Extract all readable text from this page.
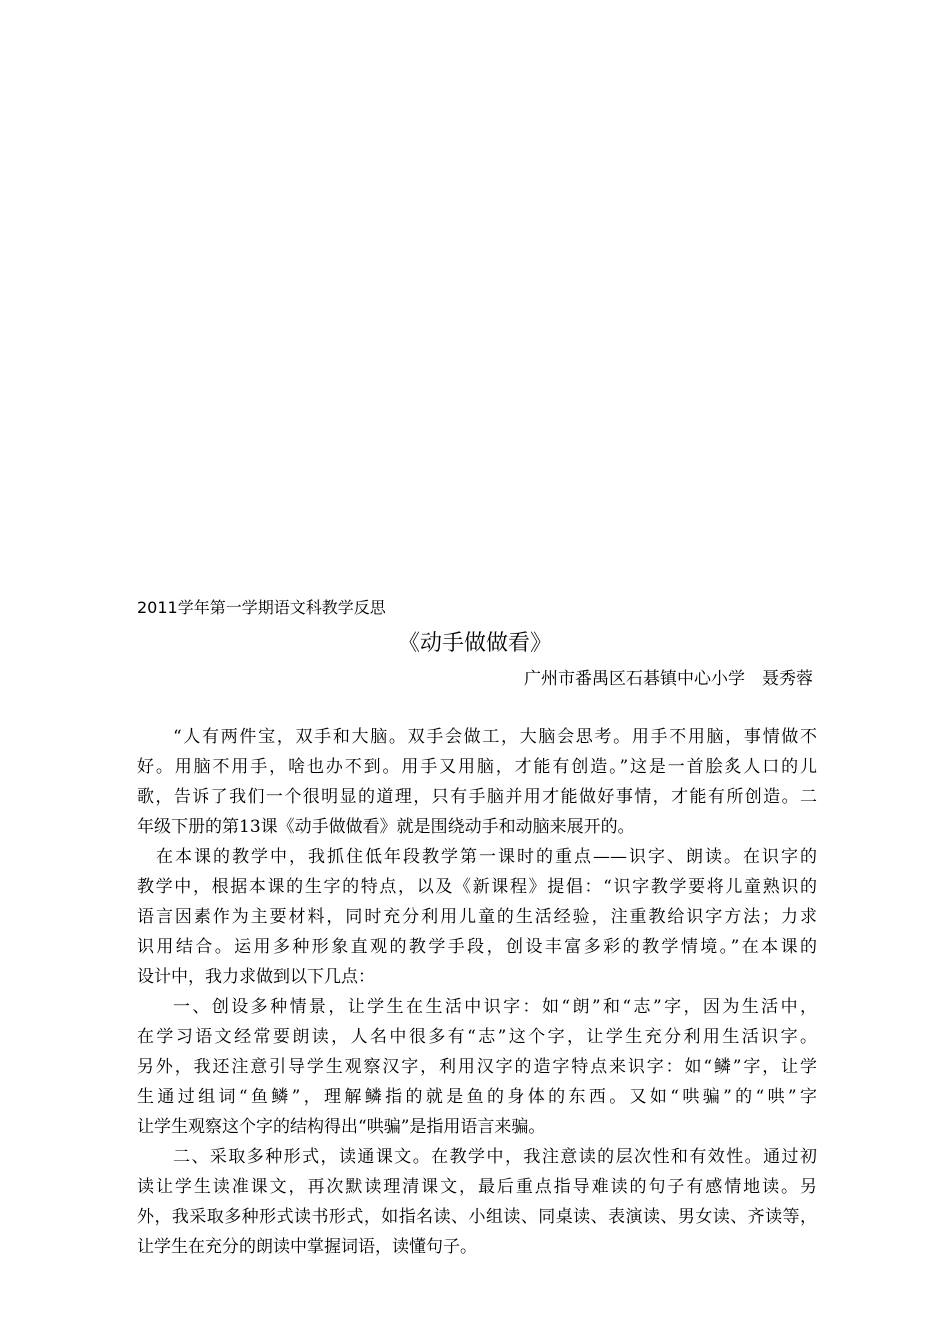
2011学年第一学期语文科教学反思
《动手做做看》
广州市番禺区石碁镇中心小学　聂秀蓉
“人有两件宝，双手和大脑。双手会做工，大脑会思考。用手不用脑，事情做不
好。用脑不用手，啥也办不到。用手又用脑，才能有创造。”这是一首脍炙人口的儿
歌，告诉了我们一个很明显的道理，只有手脑并用才能做好事情，才能有所创造。二
年级下册的第13课《动手做做看》就是围绕动手和动脑来展开的。
在本课的教学中，我抓住低年段教学第一课时的重点——识字、朗读。在识字的
教学中，根据本课的生字的特点，以及《新课程》提倡：“识字教学要将儿童熟识的
语言因素作为主要材料，同时充分利用儿童的生活经验，注重教给识字方法；力求
识用结合。运用多种形象直观的教学手段，创设丰富多彩的教学情境。”在本课的
设计中，我力求做到以下几点：
一、创设多种情景，让学生在生活中识字：如“朗”和“志”字，因为生活中，
在学习语文经常要朗读，人名中很多有“志”这个字，让学生充分利用生活识字。
另外，我还注意引导学生观察汉字，利用汉字的造字特点来识字：如“鳞”字，让学
生通过组词“鱼鳞”，理解鳞指的就是鱼的身体的东西。又如“哄骗”的“哄”字
让学生观察这个字的结构得出“哄骗”是指用语言来骗。
二、采取多种形式，读通课文。在教学中，我注意读的层次性和有效性。通过初
读让学生读准课文，再次默读理清课文，最后重点指导难读的句子有感情地读。另
外，我采取多种形式读书形式，如指名读、小组读、同桌读、表演读、男女读、齐读等，
让学生在充分的朗读中掌握词语，读懂句子。
